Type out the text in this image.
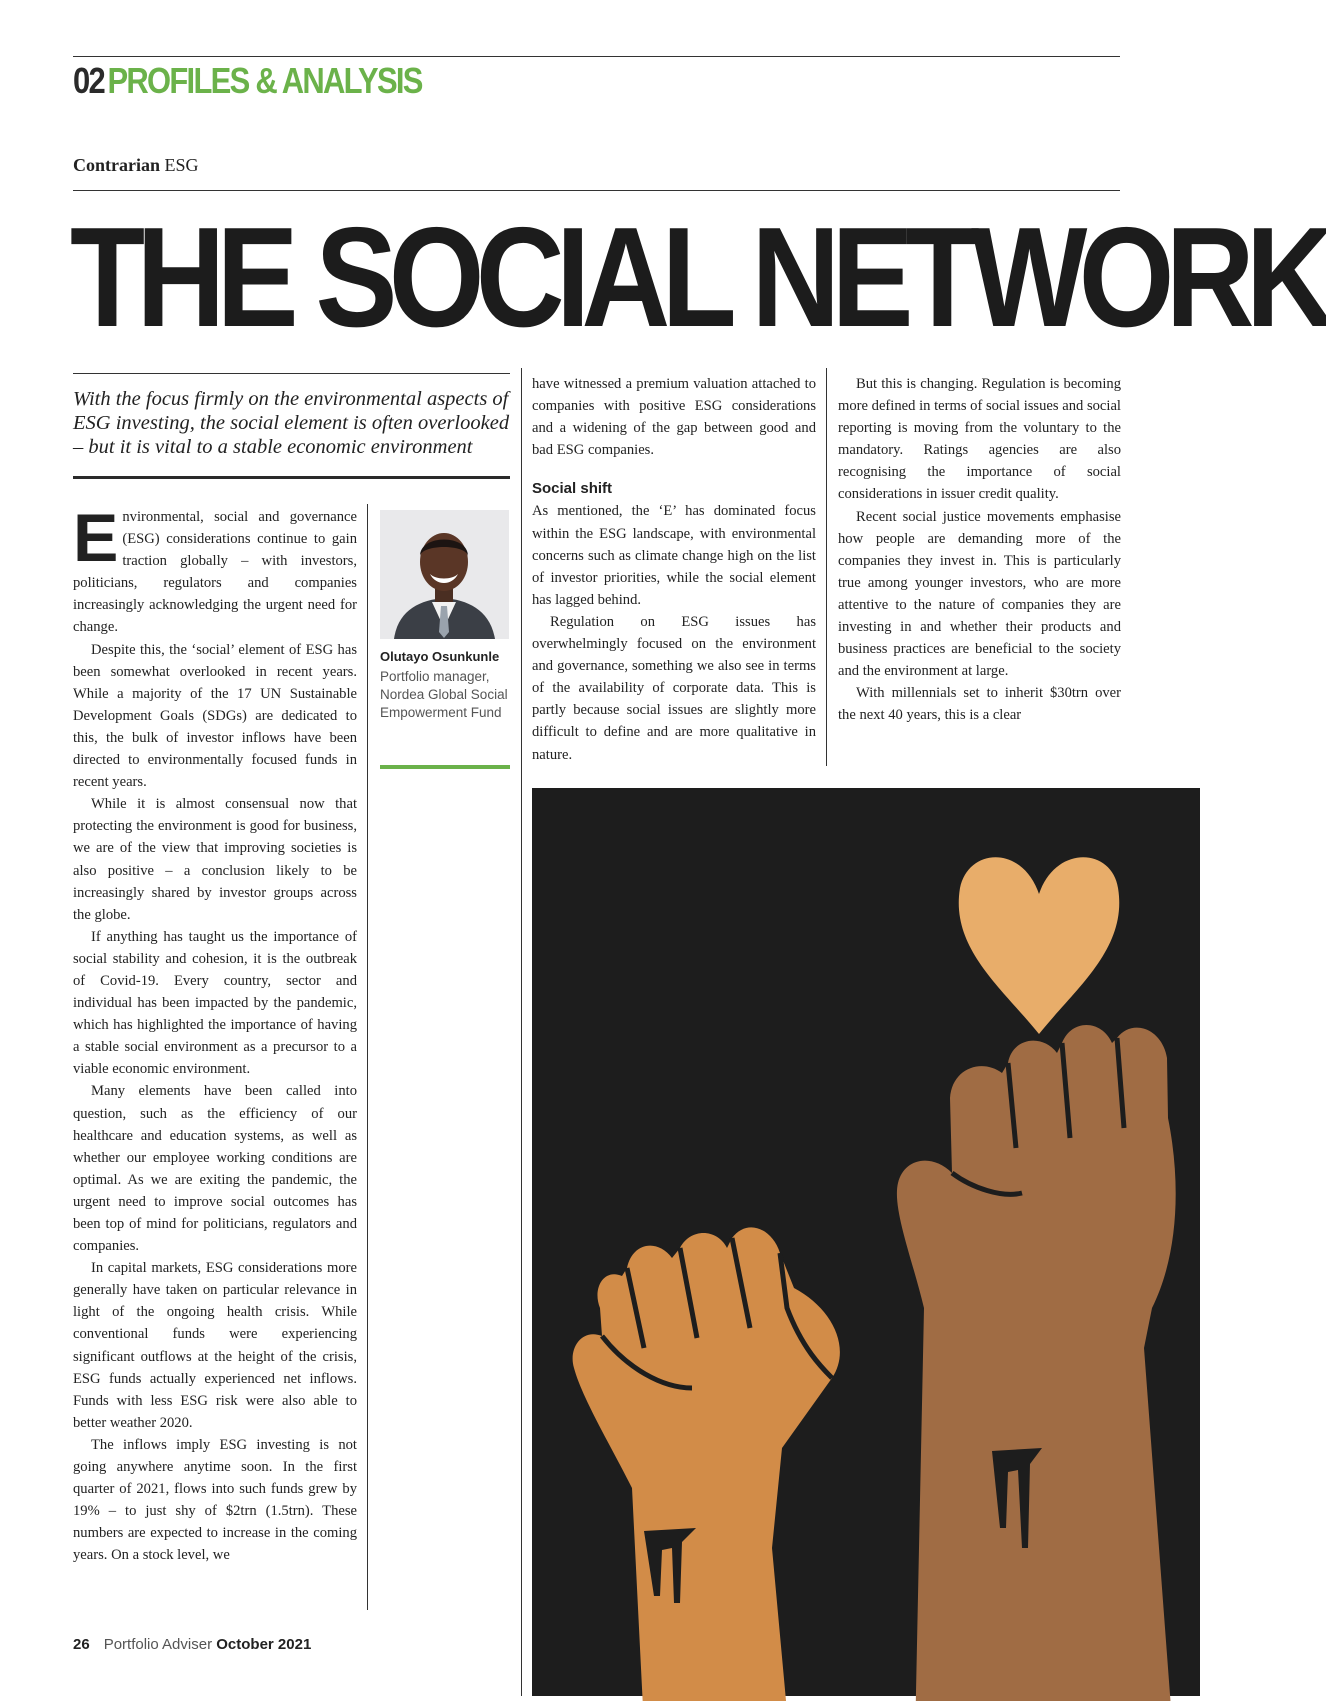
02PROFILES & ANALYSIS
Contrarian ESG
THE SOCIAL NETWORK
With the focus firmly on the environmental aspects of ESG investing, the social element is often overlooked – but it is vital to a stable economic environment

Environmental, social and governance (ESG) considerations continue to gain traction globally – with investors, politicians, regulators and companies increasingly acknowledging the urgent need for change.

Despite this, the ‘social’ element of ESG has been somewhat overlooked in recent years. While a majority of the 17 UN Sustainable Development Goals (SDGs) are dedicated to this, the bulk of investor inflows have been directed to environmentally focused funds in recent years.

While it is almost consensual now that protecting the environment is good for business, we are of the view that improving societies is also positive – a conclusion likely to be increasingly shared by investor groups across the globe.

If anything has taught us the importance of social stability and cohesion, it is the outbreak of Covid-19. Every country, sector and individual has been impacted by the pandemic, which has highlighted the importance of having a stable social environment as a precursor to a viable economic environment.

Many elements have been called into question, such as the efficiency of our healthcare and education systems, as well as whether our employee working conditions are optimal. As we are exiting the pandemic, the urgent need to improve social outcomes has been top of mind for politicians, regulators and companies.

In capital markets, ESG considerations more generally have taken on particular relevance in light of the ongoing health crisis. While conventional funds were experiencing significant outflows at the height of the crisis, ESG funds actually experienced net inflows. Funds with less ESG risk were also able to better weather 2020.

The inflows imply ESG investing is not going anywhere anytime soon. In the first quarter of 2021, flows into such funds grew by 19% – to just shy of $2trn (1.5trn). These numbers are expected to increase in the coming years. On a stock level, we

Olutayo Osunkunle
Portfolio manager, Nordea Global Social Empowerment Fund

have witnessed a premium valuation attached to companies with positive ESG considerations and a widening of the gap between good and bad ESG companies.

Social shift

As mentioned, the ‘E’ has dominated focus within the ESG landscape, with environmental concerns such as climate change high on the list of investor priorities, while the social element has lagged behind.

Regulation on ESG issues has overwhelmingly focused on the environment and governance, something we also see in terms of the availability of corporate data. This is partly because social issues are slightly more difficult to define and are more qualitative in nature.

But this is changing. Regulation is becoming more defined in terms of social issues and social reporting is moving from the voluntary to the mandatory. Ratings agencies are also recognising the importance of social considerations in issuer credit quality.

Recent social justice movements emphasise how people are demanding more of the companies they invest in. This is particularly true among younger investors, who are more attentive to the nature of companies they are investing in and whether their products and business practices are beneficial to the society and the environment at large.

With millennials set to inherit $30trn over the next 40 years, this is a clear

26 Portfolio Adviser October 2021
